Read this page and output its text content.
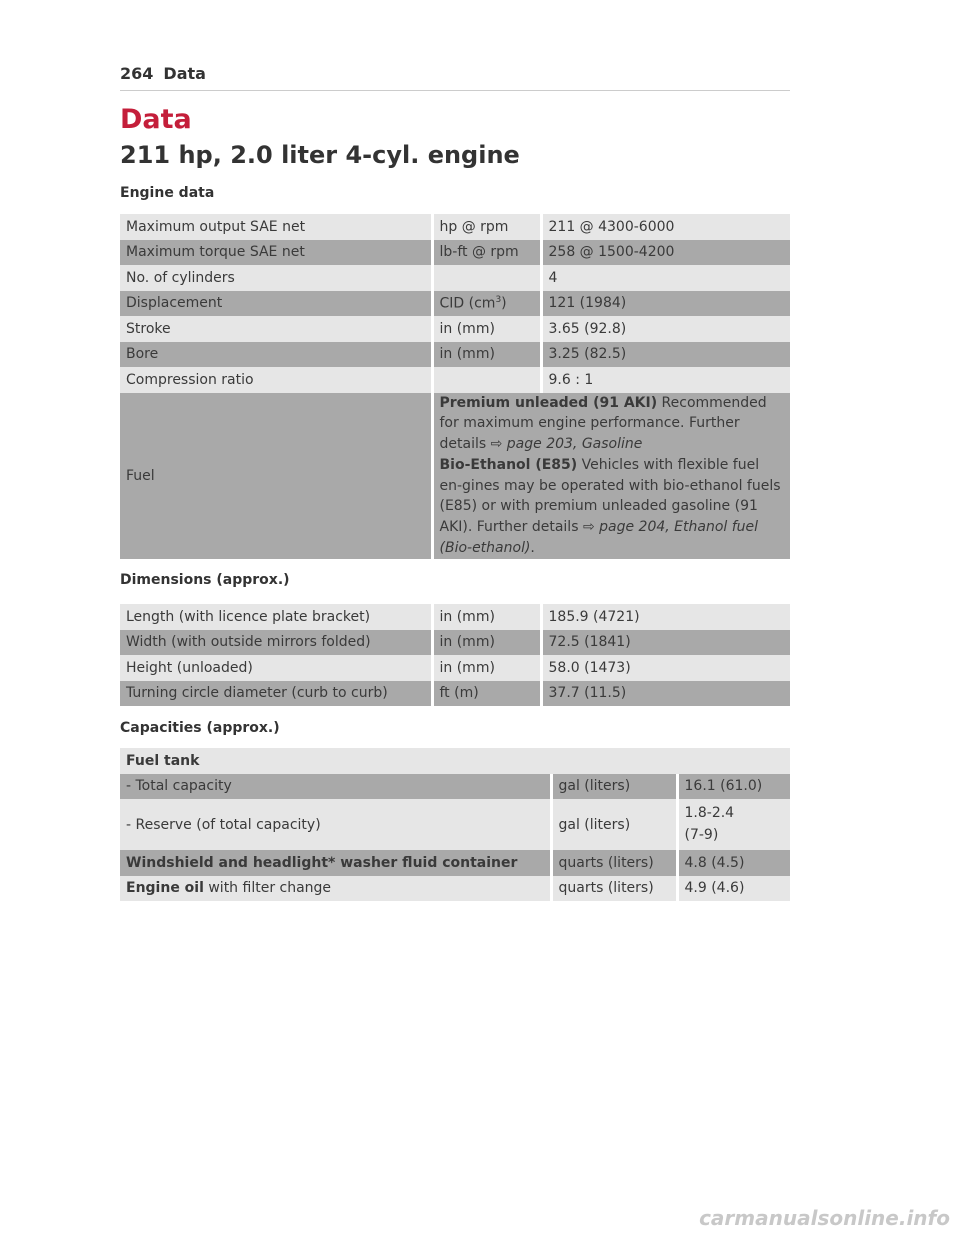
264 Data
Data
211 hp, 2.0 liter 4-cyl. engine
Engine data
Maximum output SAE net	hp @ rpm	211 @ 4300-6000
Maximum torque SAE net	lb-ft @ rpm	258 @ 1500-4200
No. of cylinders		4
Displacement	CID $(cm^3)$	121 (1984)
Stroke	in (mm)	3.65 (92.8)
Bore	in (mm)	3.25 (82.5)
Compression ratio		9.6 : 1
Fuel	Premium unleaded (91 AKI) Recommended for maximum engine performance. Further details ⇨ page 203, Gasoline
Bio-Ethanol (E85) Vehicles with flexible fuel en-gines may be operated with bio-ethanol fuels (E85) or with premium unleaded gasoline (91 AKI). Further details ⇨ page 204, Ethanol fuel (Bio-ethanol).	
Dimensions (approx.)
Length (with licence plate bracket)	in (mm)	185.9 (4721)
Width (with outside mirrors folded)	in (mm)	72.5 (1841)
Height (unloaded)	in (mm)	58.0 (1473)
Turning circle diameter (curb to curb)	ft (m)	37.7 (11.5)
Capacities (approx.)
Fuel tank		
- Total capacity	gal (liters)	16.1 (61.0)
- Reserve (of total capacity)	gal (liters)	1.8-2.4
(7-9)
Windshield and headlight* washer fluid container	quarts (liters)	4.8 (4.5)
Engine oil with filter change	quarts (liters)	4.9 (4.6)
carmanualsonline.info
